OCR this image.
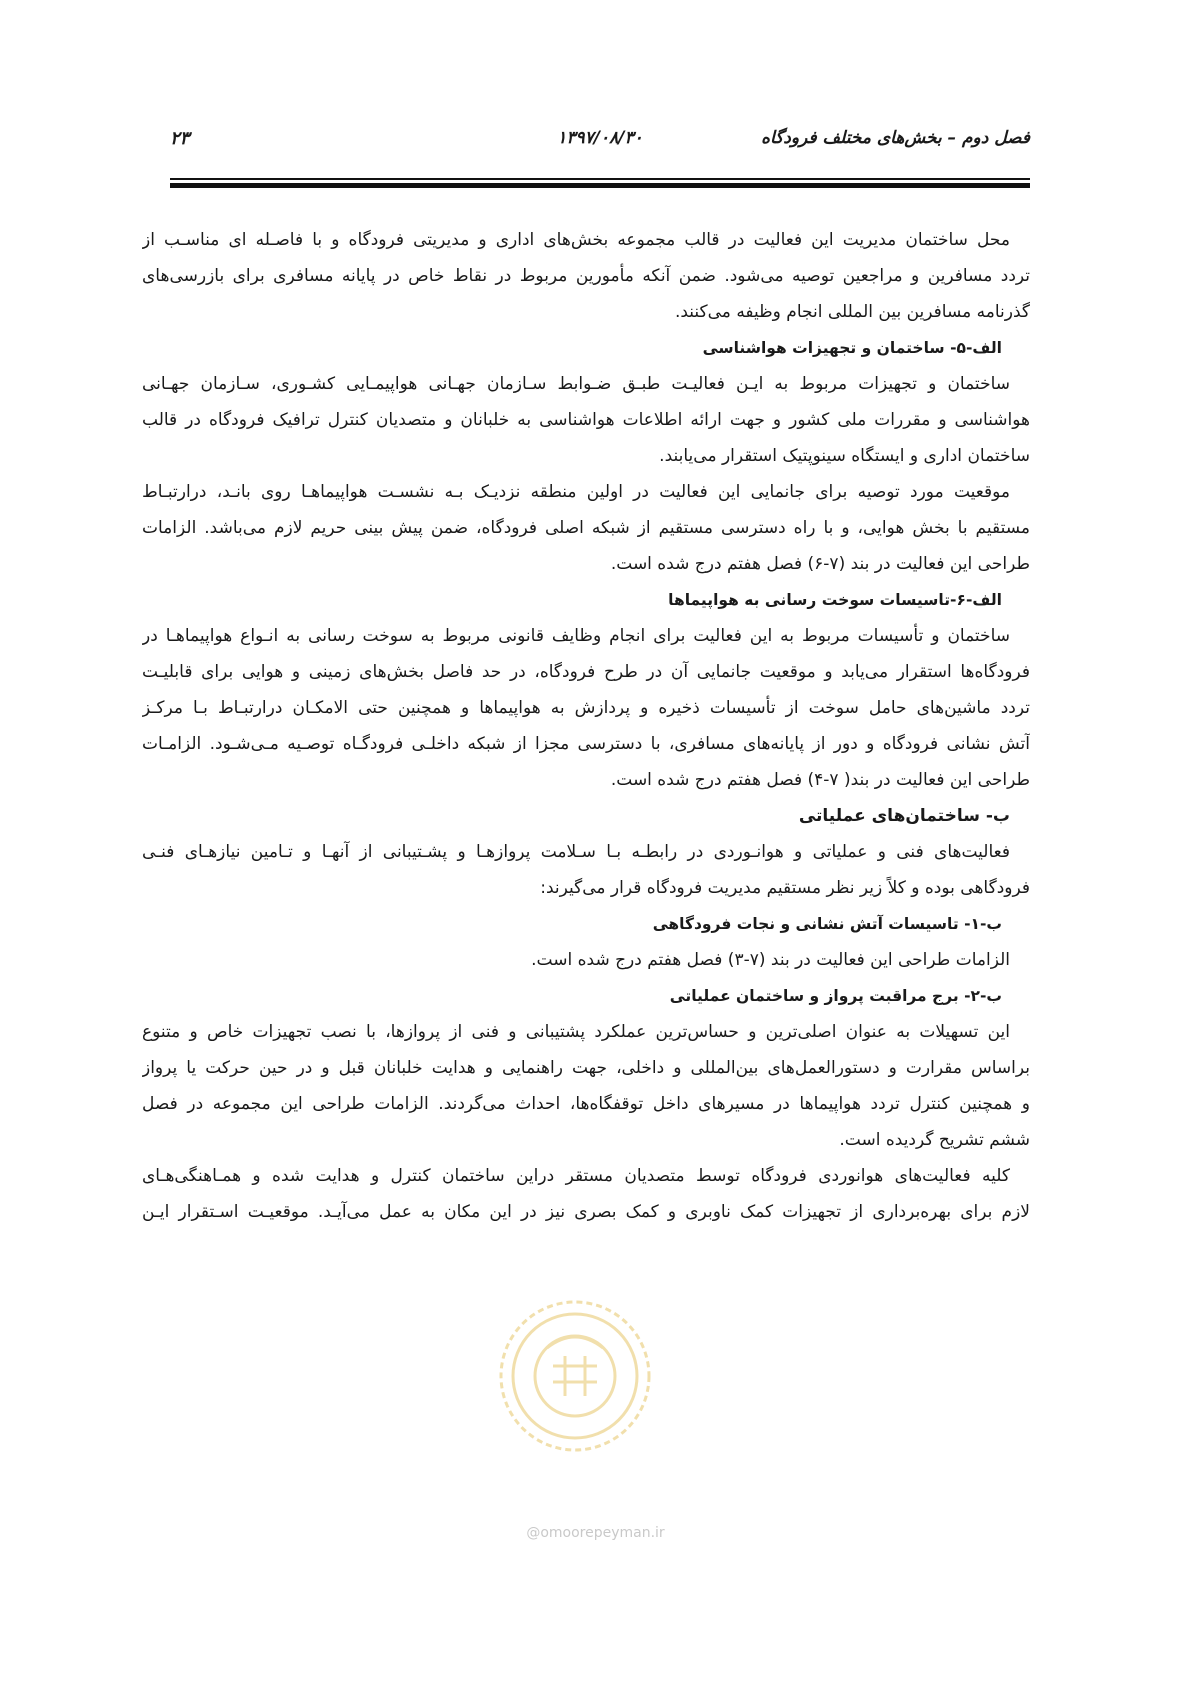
فصل دوم – بخش‌های مختلف فرودگاه
۱۳۹۷/۰۸/۳۰
۲۳
محل ساختمان مدیریت این فعالیت در قالب مجموعه بخش‌های اداری و مدیریتی فرودگاه و با فاصـله ای مناسـب از
تردد مسافرین و مراجعین توصیه می‌شود. ضمن آنکه مأمورین مربوط در نقاط خاص در پایانه مسافری برای بازرسی‌های
گذرنامه مسافرین بین المللی انجام وظیفه می‌کنند.
الف-۵- ساختمان و تجهیزات هواشناسی
ساختمان و تجهیزات مربوط به ایـن فعالیـت طبـق ضـوابط سـازمان جهـانی هواپیمـایی کشـوری، سـازمان جهـانی
هواشناسی و مقررات ملی کشور و جهت ارائه اطلاعات هواشناسی به خلبانان و متصدیان کنترل ترافیک فرودگاه در قالب
ساختمان اداری و ایستگاه سینوپتیک استقرار می‌یابند.
موقعیت مورد توصیه برای جانمایی این فعالیت در اولین منطقه نزدیـک بـه نشسـت هواپیماهـا روی بانـد، درارتبـاط
مستقیم با بخش هوایی، و با راه دسترسی مستقیم از شبکه اصلی فرودگاه، ضمن پیش بینی حریم لازم می‌باشد. الزامات
طراحی این فعالیت در بند (۷-۶) فصل هفتم درج شده است.
الف-۶-تاسیسات سوخت رسانی به هواپیماها
ساختمان و تأسیسات مربوط به این فعالیت برای انجام وظایف قانونی مربوط به سوخت رسانی به انـواع هواپیماهـا در
فرودگاه‌ها استقرار می‌یابد و موقعیت جانمایی آن در طرح فرودگاه، در حد فاصل بخش‌های زمینی و هوایی برای قابلیـت
تردد ماشین‌های حامل سوخت از تأسیسات ذخیره و پردازش به هواپیماها و همچنین حتی الامکـان درارتبـاط بـا مرکـز
آتش نشانی فرودگاه و دور از پایانه‌های مسافری، با دسترسی مجزا از شبکه داخلـی فرودگـاه توصـیه مـی‌شـود. الزامـات
طراحی این فعالیت در بند( ۷-۴) فصل هفتم درج شده است.
ب- ساختمان‌های عملیاتی
فعالیت‌های فنی و عملیاتی و هوانـوردی در رابطـه بـا سـلامت پروازهـا و پشـتیبانی از آنهـا و تـامین نیازهـای فنـی
فرودگاهی بوده و کلاً زیر نظر مستقیم مدیریت فرودگاه قرار می‌گیرند:
ب-۱- تاسیسات آتش نشانی و نجات فرودگاهی
الزامات طراحی این فعالیت در بند (۷-۳) فصل هفتم درج شده است.
ب-۲- برج مراقبت پرواز و ساختمان عملیاتی
این تسهیلات به عنوان اصلی‌ترین و حساس‌ترین عملکرد پشتیبانی و فنی از پروازها، با نصب تجهیزات خاص و متنوع
براساس مقرارت و دستورالعمل‌های بین‌المللی و داخلی، جهت راهنمایی و هدایت خلبانان قبل و در حین حرکت یا پرواز
و همچنین کنترل تردد هواپیماها در مسیرهای داخل توقفگاه‌ها، احداث می‌گردند. الزامات طراحی این مجموعه در فصل
ششم تشریح گردیده است.
کلیه فعالیت‌های هوانوردی فرودگاه توسط متصدیان مستقر دراین ساختمان کنترل و هدایت شده و همـاهنگی‌هـای
لازم برای بهره‌برداری از تجهیزات کمک ناوبری و کمک بصری نیز در این مکان به عمل می‌آیـد. موقعیـت اسـتقرار ایـن
@omoorepeyman.ir
